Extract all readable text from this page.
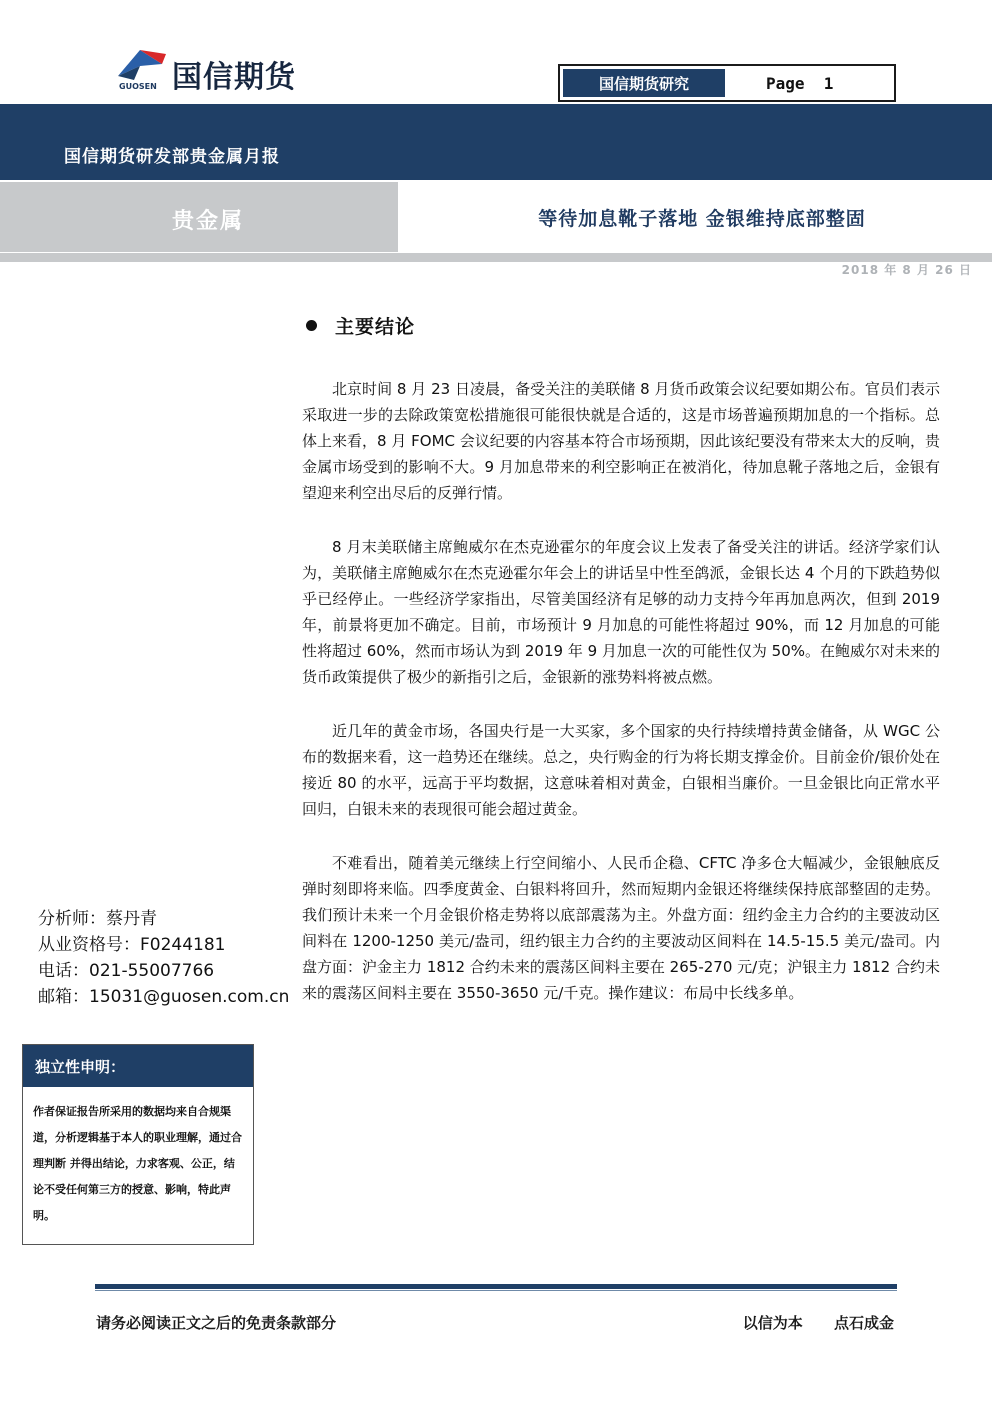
国信期货
GUOSEN	国信期货研究	Page  1
国信期货研发部贵金属月报
贵金属	等待加息靴子落地 金银维持底部整固
2018 年 8 月 26 日
主要结论

北京时间 8 月 23 日凌晨，备受关注的美联储 8 月货币政策会议纪要如期公布。官员们表示采取进一步的去除政策宽松措施很可能很快就是合适的，这是市场普遍预期加息的一个指标。总体上来看，8 月 FOMC 会议纪要的内容基本符合市场预期，因此该纪要没有带来太大的反响，贵金属市场受到的影响不大。9 月加息带来的利空影响正在被消化，待加息靴子落地之后，金银有望迎来利空出尽后的反弹行情。

8 月末美联储主席鲍威尔在杰克逊霍尔的年度会议上发表了备受关注的讲话。经济学家们认为，美联储主席鲍威尔在杰克逊霍尔年会上的讲话呈中性至鸽派，金银长达 4 个月的下跌趋势似乎已经停止。一些经济学家指出，尽管美国经济有足够的动力支持今年再加息两次，但到 2019 年，前景将更加不确定。目前，市场预计 9 月加息的可能性将超过 90%，而 12 月加息的可能性将超过 60%，然而市场认为到 2019 年 9 月加息一次的可能性仅为 50%。在鲍威尔对未来的货币政策提供了极少的新指引之后，金银新的涨势料将被点燃。

近几年的黄金市场，各国央行是一大买家，多个国家的央行持续增持黄金储备，从 WGC 公布的数据来看，这一趋势还在继续。总之，央行购金的行为将长期支撑金价。目前金价/银价处在接近 80 的水平，远高于平均数据，这意味着相对黄金，白银相当廉价。一旦金银比向正常水平回归，白银未来的表现很可能会超过黄金。

不难看出，随着美元继续上行空间缩小、人民币企稳、CFTC 净多仓大幅减少，金银触底反弹时刻即将来临。四季度黄金、白银料将回升，然而短期内金银还将继续保持底部整固的走势。我们预计未来一个月金银价格走势将以底部震荡为主。外盘方面：纽约金主力合约的主要波动区间料在 1200-1250 美元/盎司，纽约银主力合约的主要波动区间料在 14.5-15.5 美元/盎司。内盘方面：沪金主力 1812 合约未来的震荡区间料主要在 265-270 元/克；沪银主力 1812 合约未来的震荡区间料主要在 3550-3650 元/千克。操作建议：布局中长线多单。

分析师：蔡丹青
从业资格号：F0244181
电话：021-55007766
邮箱：15031@guosen.com.cn
独立性申明：
作者保证报告所采用的数据均来自合规渠道，分析逻辑基于本人的职业理解，通过合理判断 并得出结论，力求客观、公正，结论不受任何第三方的授意、影响，特此声明。
请务必阅读正文之后的免责条款部分	以信为本 点石成金
